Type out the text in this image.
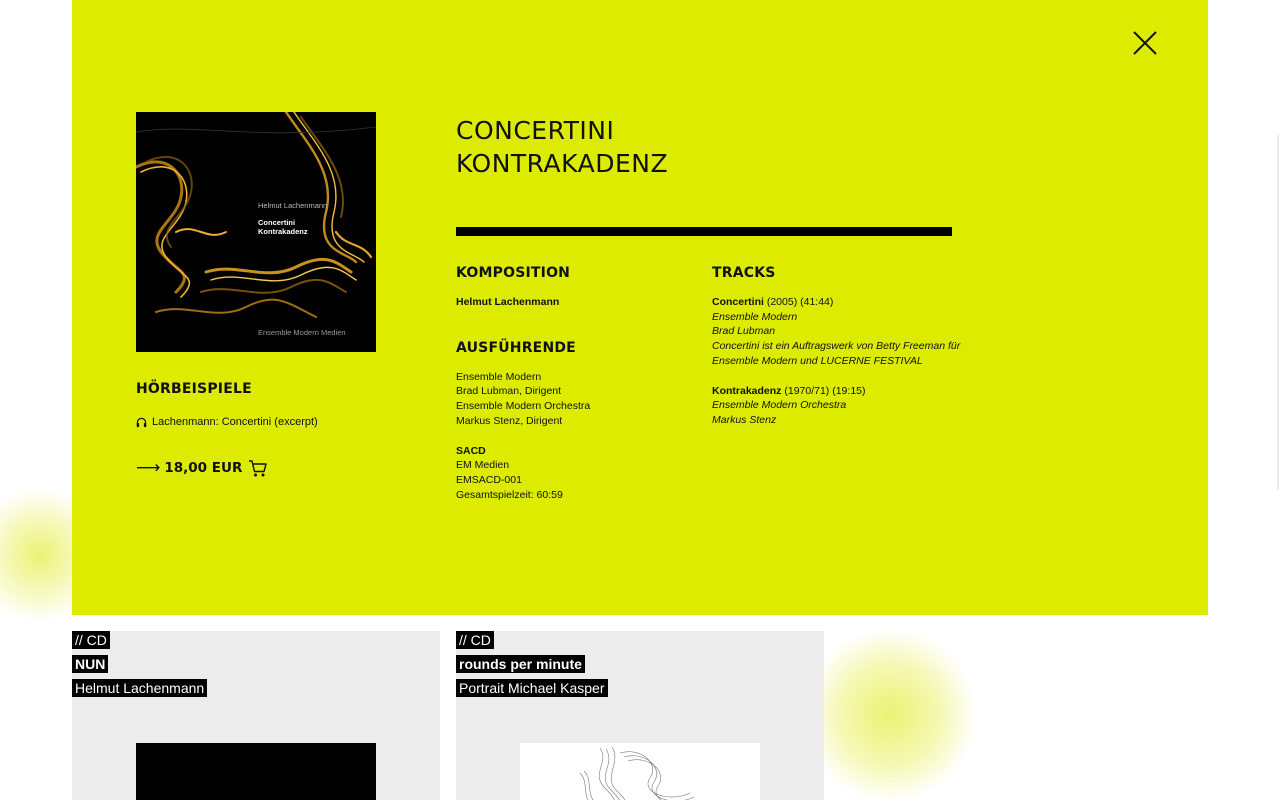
// CD
NUN
Helmut Lachenmann
// CD
rounds per minute
Portrait Michael Kasper
Helmut Lachenmann
Concertini
Kontrakadenz
Ensemble Modern Medien
HÖRBEISPIELE
Lachenmann: Concertini (excerpt)
⟶ 18,00 EUR
CONCERTINI
KONTRAKADENZ
KOMPOSITION
Helmut Lachenmann
AUSFÜHRENDE
Ensemble Modern
Brad Lubman, Dirigent
Ensemble Modern Orchestra
Markus Stenz, Dirigent
SACD
EM Medien
EMSACD-001
Gesamtspielzeit: 60:59
TRACKS
Concertini (2005) (41:44)
Ensemble Modern
Brad Lubman
Concertini ist ein Auftragswerk von Betty Freeman für
Ensemble Modern und LUCERNE FESTIVAL
Kontrakadenz (1970/71) (19:15)
Ensemble Modern Orchestra
Markus Stenz
